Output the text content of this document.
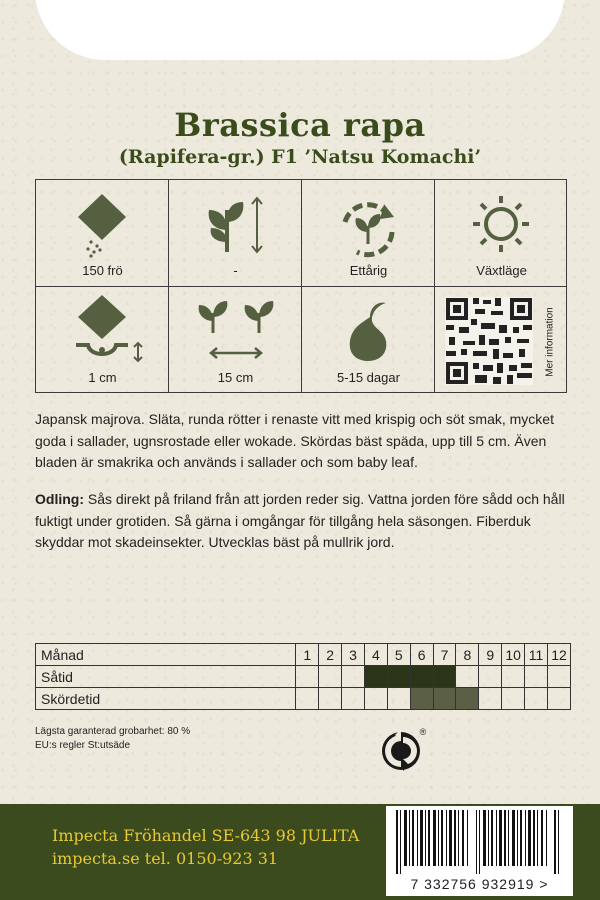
Brassica rapa
(Rapifera-gr.) F1 ’Natsu Komachi’
150 frö	-	Ettårig	Växtläge
1 cm	15 cm	5-15 dagar
Mer information
Japansk majrova. Släta, runda rötter i renaste vitt med krispig och söt smak, mycket goda i sallader, ugnsrostade eller wokade. Skördas bäst späda, upp till 5 cm. Även bladen är smakrika och används i sallader och som baby leaf.
Odling: Sås direkt på friland från att jorden reder sig. Vattna jorden före sådd och håll fuktigt under grotiden. Så gärna i omgångar för tillgång hela säsongen. Fiberduk skyddar mot skadeinsekter. Utvecklas bäst på mullrik jord.
Månad	1	2	3	4	5	6	7	8	9	10	11	12
Såtid												
Skördetid												
Lägsta garanterad grobarhet: 80 %
EU:s regler St:utsäde
®
Impecta Fröhandel SE-643 98 JULITA
impecta.se tel. 0150-923 31
7 332756 932919 >
